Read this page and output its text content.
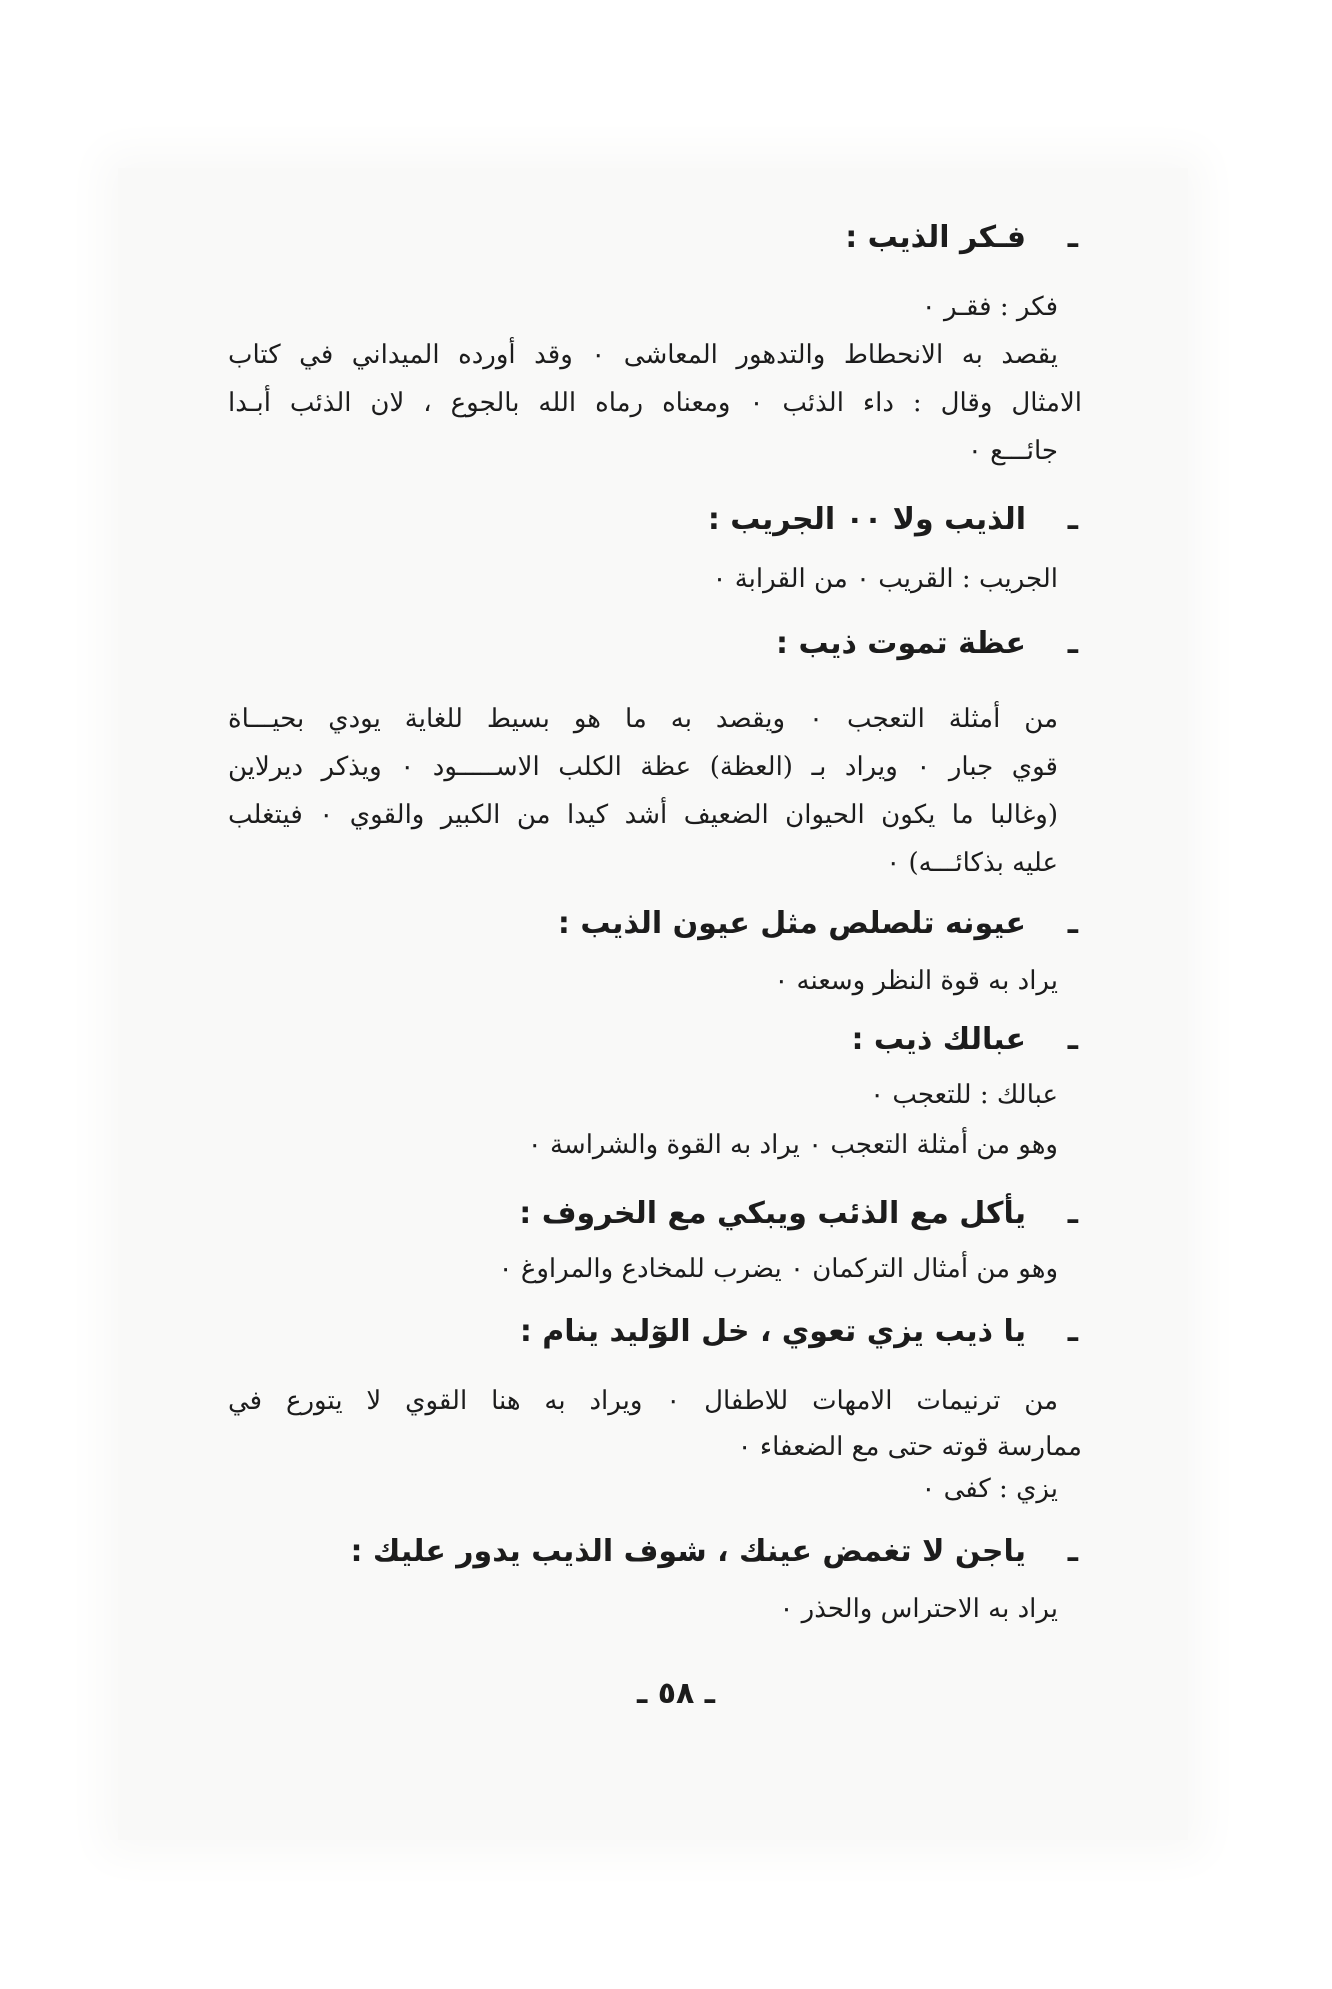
ـفـكر الذيب :
فكر : فقـر ٠
يقصد به الانحطاط والتدهور المعاشى ٠ وقد أورده الميداني في كتاب
الامثال وقال : داء الذئب ٠ ومعناه رماه الله بالجوع ، لان الذئب أبـدا
جائـــع ٠
ـالذيب ولا ٠٠ الجريب :
الجريب : القريب ٠ من القرابة ٠
ـعظة تموت ذيب :
من أمثلة التعجب ٠ ويقصد به ما هو بسيط للغاية يودي بحيـــاة
قوي جبار ٠ ويراد بـ (العظة) عظة الكلب الاســـــود ٠ ويذكر ديرلاين
(وغالبا ما يكون الحيوان الضعيف أشد كيدا من الكبير والقوي ٠ فيتغلب
عليه بذكائـــه) ٠
ـعيونه تلصلص مثل عيون الذيب :
يراد به قوة النظر وسعنه ٠
ـعبالك ذيب :
عبالك : للتعجب ٠
وهو من أمثلة التعجب ٠ يراد به القوة والشراسة ٠
ـيأكل مع الذئب ويبكي مع الخروف :
وهو من أمثال التركمان ٠ يضرب للمخادع والمراوغ ٠
ـيا ذيب يزي تعوي ، خل الوٓليد ينام :
من ترنيمات الامهات للاطفال ٠ ويراد به هنا القوي لا يتورع في
ممارسة قوته حتى مع الضعفاء ٠
يزي : كفى ٠
ـياجن لا تغمض عينك ، شوف الذيب يدور عليك :
يراد به الاحتراس والحذر ٠
ـ ٥٨ ـ
